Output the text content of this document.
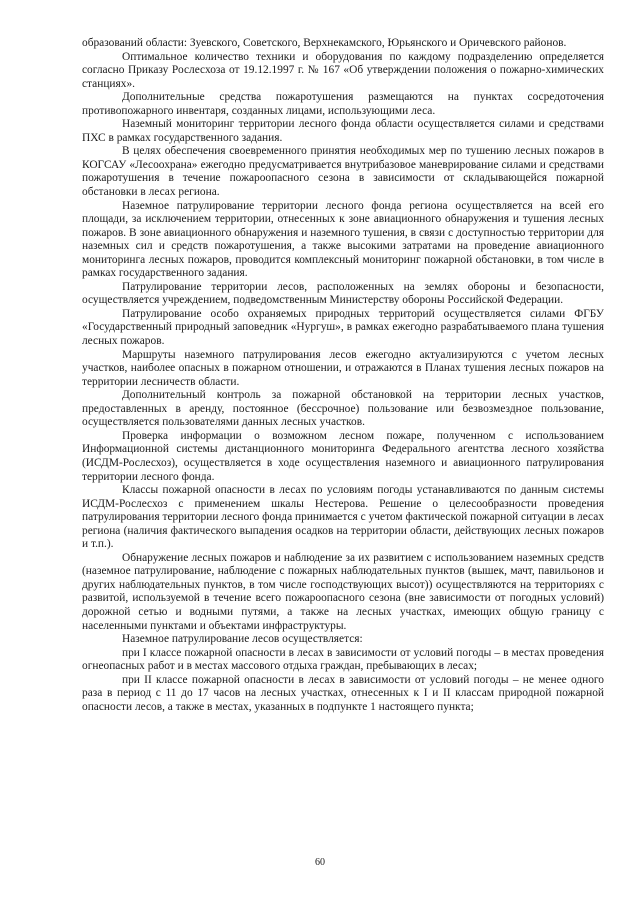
образований области: Зуевского, Советского, Верхнекамского, Юрьянского и Оричевского районов.

Оптимальное количество техники и оборудования по каждому подразделению определяется согласно Приказу Рослесхоза от 19.12.1997 г. № 167 «Об утверждении положения о пожарно-химических станциях».

Дополнительные средства пожаротушения размещаются на пунктах сосредоточения противопожарного инвентаря, созданных лицами, использующими леса.

Наземный мониторинг территории лесного фонда области осуществляется силами и средствами ПХС в рамках государственного задания.

В целях обеспечения своевременного принятия необходимых мер по тушению лесных пожаров в КОГСАУ «Лесоохрана» ежегодно предусматривается внутрибазовое маневрирование силами и средствами пожаротушения в течение пожароопасного сезона в зависимости от складывающейся пожарной обстановки в лесах региона.

Наземное патрулирование территории лесного фонда региона осуществляется на всей его площади, за исключением территории, отнесенных к зоне авиационного обнаружения и тушения лесных пожаров. В зоне авиационного обнаружения и наземного тушения, в связи с доступностью территории для наземных сил и средств пожаротушения, а также высокими затратами на проведение авиационного мониторинга лесных пожаров, проводится комплексный мониторинг пожарной обстановки, в том числе в рамках государственного задания.

Патрулирование территории лесов, расположенных на землях обороны и безопасности, осуществляется учреждением, подведомственным Министерству обороны Российской Федерации.

Патрулирование особо охраняемых природных территорий осуществляется силами ФГБУ «Государственный природный заповедник «Нургуш», в рамках ежегодно разрабатываемого плана тушения лесных пожаров.

Маршруты наземного патрулирования лесов ежегодно актуализируются с учетом лесных участков, наиболее опасных в пожарном отношении, и отражаются в Планах тушения лесных пожаров на территории лесничеств области.

Дополнительный контроль за пожарной обстановкой на территории лесных участков, предоставленных в аренду, постоянное (бессрочное) пользование или безвозмездное пользование, осуществляется пользователями данных лесных участков.

Проверка информации о возможном лесном пожаре, полученном с использованием Информационной системы дистанционного мониторинга Федерального агентства лесного хозяйства (ИСДМ-Рослесхоз), осуществляется в ходе осуществления наземного и авиационного патрулирования территории лесного фонда.

Классы пожарной опасности в лесах по условиям погоды устанавливаются по данным системы ИСДМ-Рослесхоз с применением шкалы Нестерова. Решение о целесообразности проведения патрулирования территории лесного фонда принимается с учетом фактической пожарной ситуации в лесах региона (наличия фактического выпадения осадков на территории области, действующих лесных пожаров и т.п.).

Обнаружение лесных пожаров и наблюдение за их развитием с использованием наземных средств (наземное патрулирование, наблюдение с пожарных наблюдательных пунктов (вышек, мачт, павильонов и других наблюдательных пунктов, в том числе господствующих высот)) осуществляются на территориях с развитой, используемой в течение всего пожароопасного сезона (вне зависимости от погодных условий) дорожной сетью и водными путями, а также на лесных участках, имеющих общую границу с населенными пунктами и объектами инфраструктуры.

Наземное патрулирование лесов осуществляется:

при I классе пожарной опасности в лесах в зависимости от условий погоды – в местах проведения огнеопасных работ и в местах массового отдыха граждан, пребывающих в лесах;

при II классе пожарной опасности в лесах в зависимости от условий погоды – не менее одного раза в период с 11 до 17 часов на лесных участках, отнесенных к I и II классам природной пожарной опасности лесов, а также в местах, указанных в подпункте 1 настоящего пункта;

60
